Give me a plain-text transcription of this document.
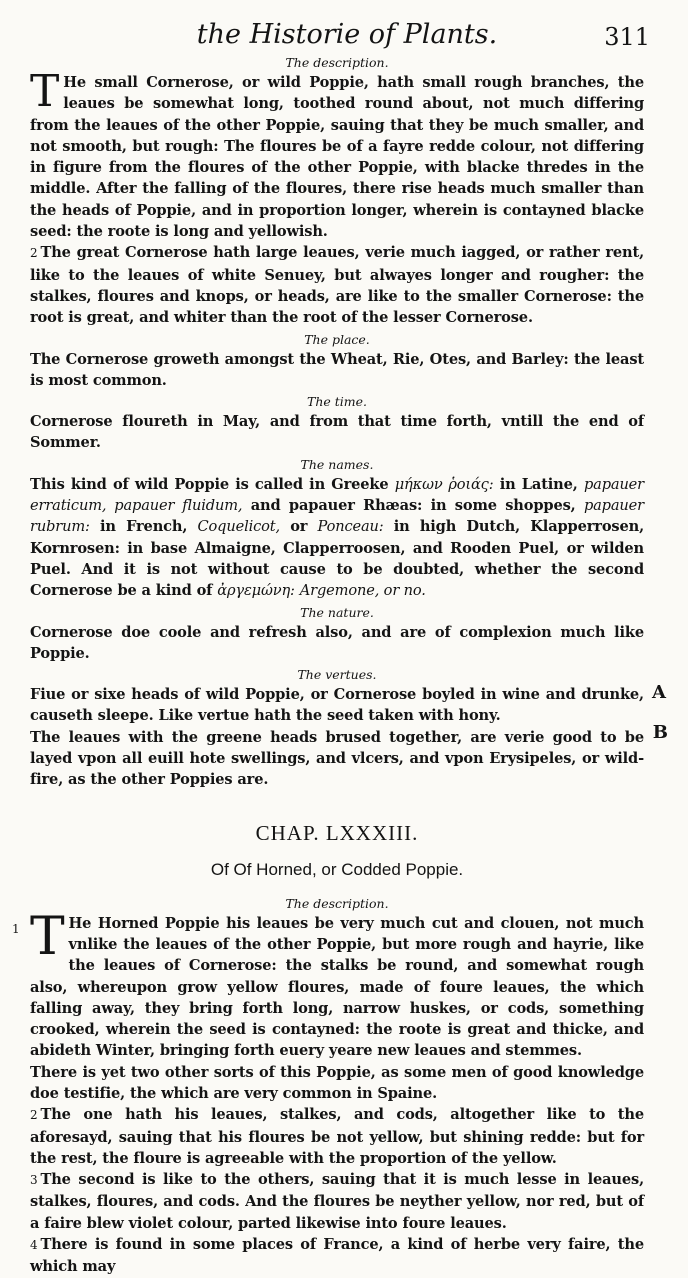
the Historie of Plants.	311
The description.

T He small Cornerose, or wild Poppie, hath small rough branches, the leaues be somewhat long, toothed round about, not much differing from the leaues of the other Poppie, sauing that they be much smaller, and not smooth, but rough: The floures be of a fayre redde colour, not differing in figure from the floures of the other Poppie, with blacke thredes in the middle. After the falling of the floures, there rise heads much smaller than the heads of Poppie, and in proportion longer, wherein is contayned blacke seed: the roote is long and yellowish.

2 The great Cornerose hath large leaues, verie much iagged, or rather rent, like to the leaues of white Senuey, but alwayes longer and rougher: the stalkes, floures and knops, or heads, are like to the smaller Cornerose: the root is great, and whiter than the root of the lesser Cornerose.

The place.

The Cornerose groweth amongst the Wheat, Rie, Otes, and Barley: the least is most common.

The time.

Cornerose floureth in May, and from that time forth, vntill the end of Sommer.

The names.

This kind of wild Poppie is called in Greeke μήκων ῥοιάς: in Latine, papauer erraticum, papauer fluidum, and papauer Rhæas: in some shoppes, papauer rubrum: in French, Coquelicot, or Ponceau: in high Dutch, Klapperrosen, Kornrosen: in base Almaigne, Clapperroosen, and Rooden Puel, or wilden Puel. And it is not without cause to be doubted, whether the second Cornerose be a kind of ἀργεμώνη: Argemone, or no.

The nature.

Cornerose doe coole and refresh also, and are of complexion much like Poppie.

The vertues.
A

Fiue or sixe heads of wild Poppie, or Cornerose boyled in wine and drunke, causeth sleepe. Like vertue hath the seed taken with hony.

B

The leaues with the greene heads brused together, are verie good to be layed vpon all euill hote swellings, and vlcers, and vpon Erysipeles, or wild-fire, as the other Poppies are.

CHAP. LXXXIII.
Of Of Horned, or Codded Poppie.
The description.

1 T He Horned Poppie his leaues be very much cut and clouen, not much vnlike the leaues of the other Poppie, but more rough and hayrie, like the leaues of Cornerose: the stalks be round, and somewhat rough also, whereupon grow yellow floures, made of foure leaues, the which falling away, they bring forth long, narrow huskes, or cods, something crooked, wherein the seed is contayned: the roote is great and thicke, and abideth Winter, bringing forth euery yeare new leaues and stemmes.

There is yet two other sorts of this Poppie, as some men of good knowledge doe testifie, the which are very common in Spaine.

2 The one hath his leaues, stalkes, and cods, altogether like to the aforesayd, sauing that his floures be not yellow, but shining redde: but for the rest, the floure is agreeable with the proportion of the yellow.

3 The second is like to the others, sauing that it is much lesse in leaues, stalkes, floures, and cods. And the floures be neyther yellow, nor red, but of a faire blew violet colour, parted likewise into foure leaues.

4 There is found in some places of France, a kind of herbe very faire, the which may
